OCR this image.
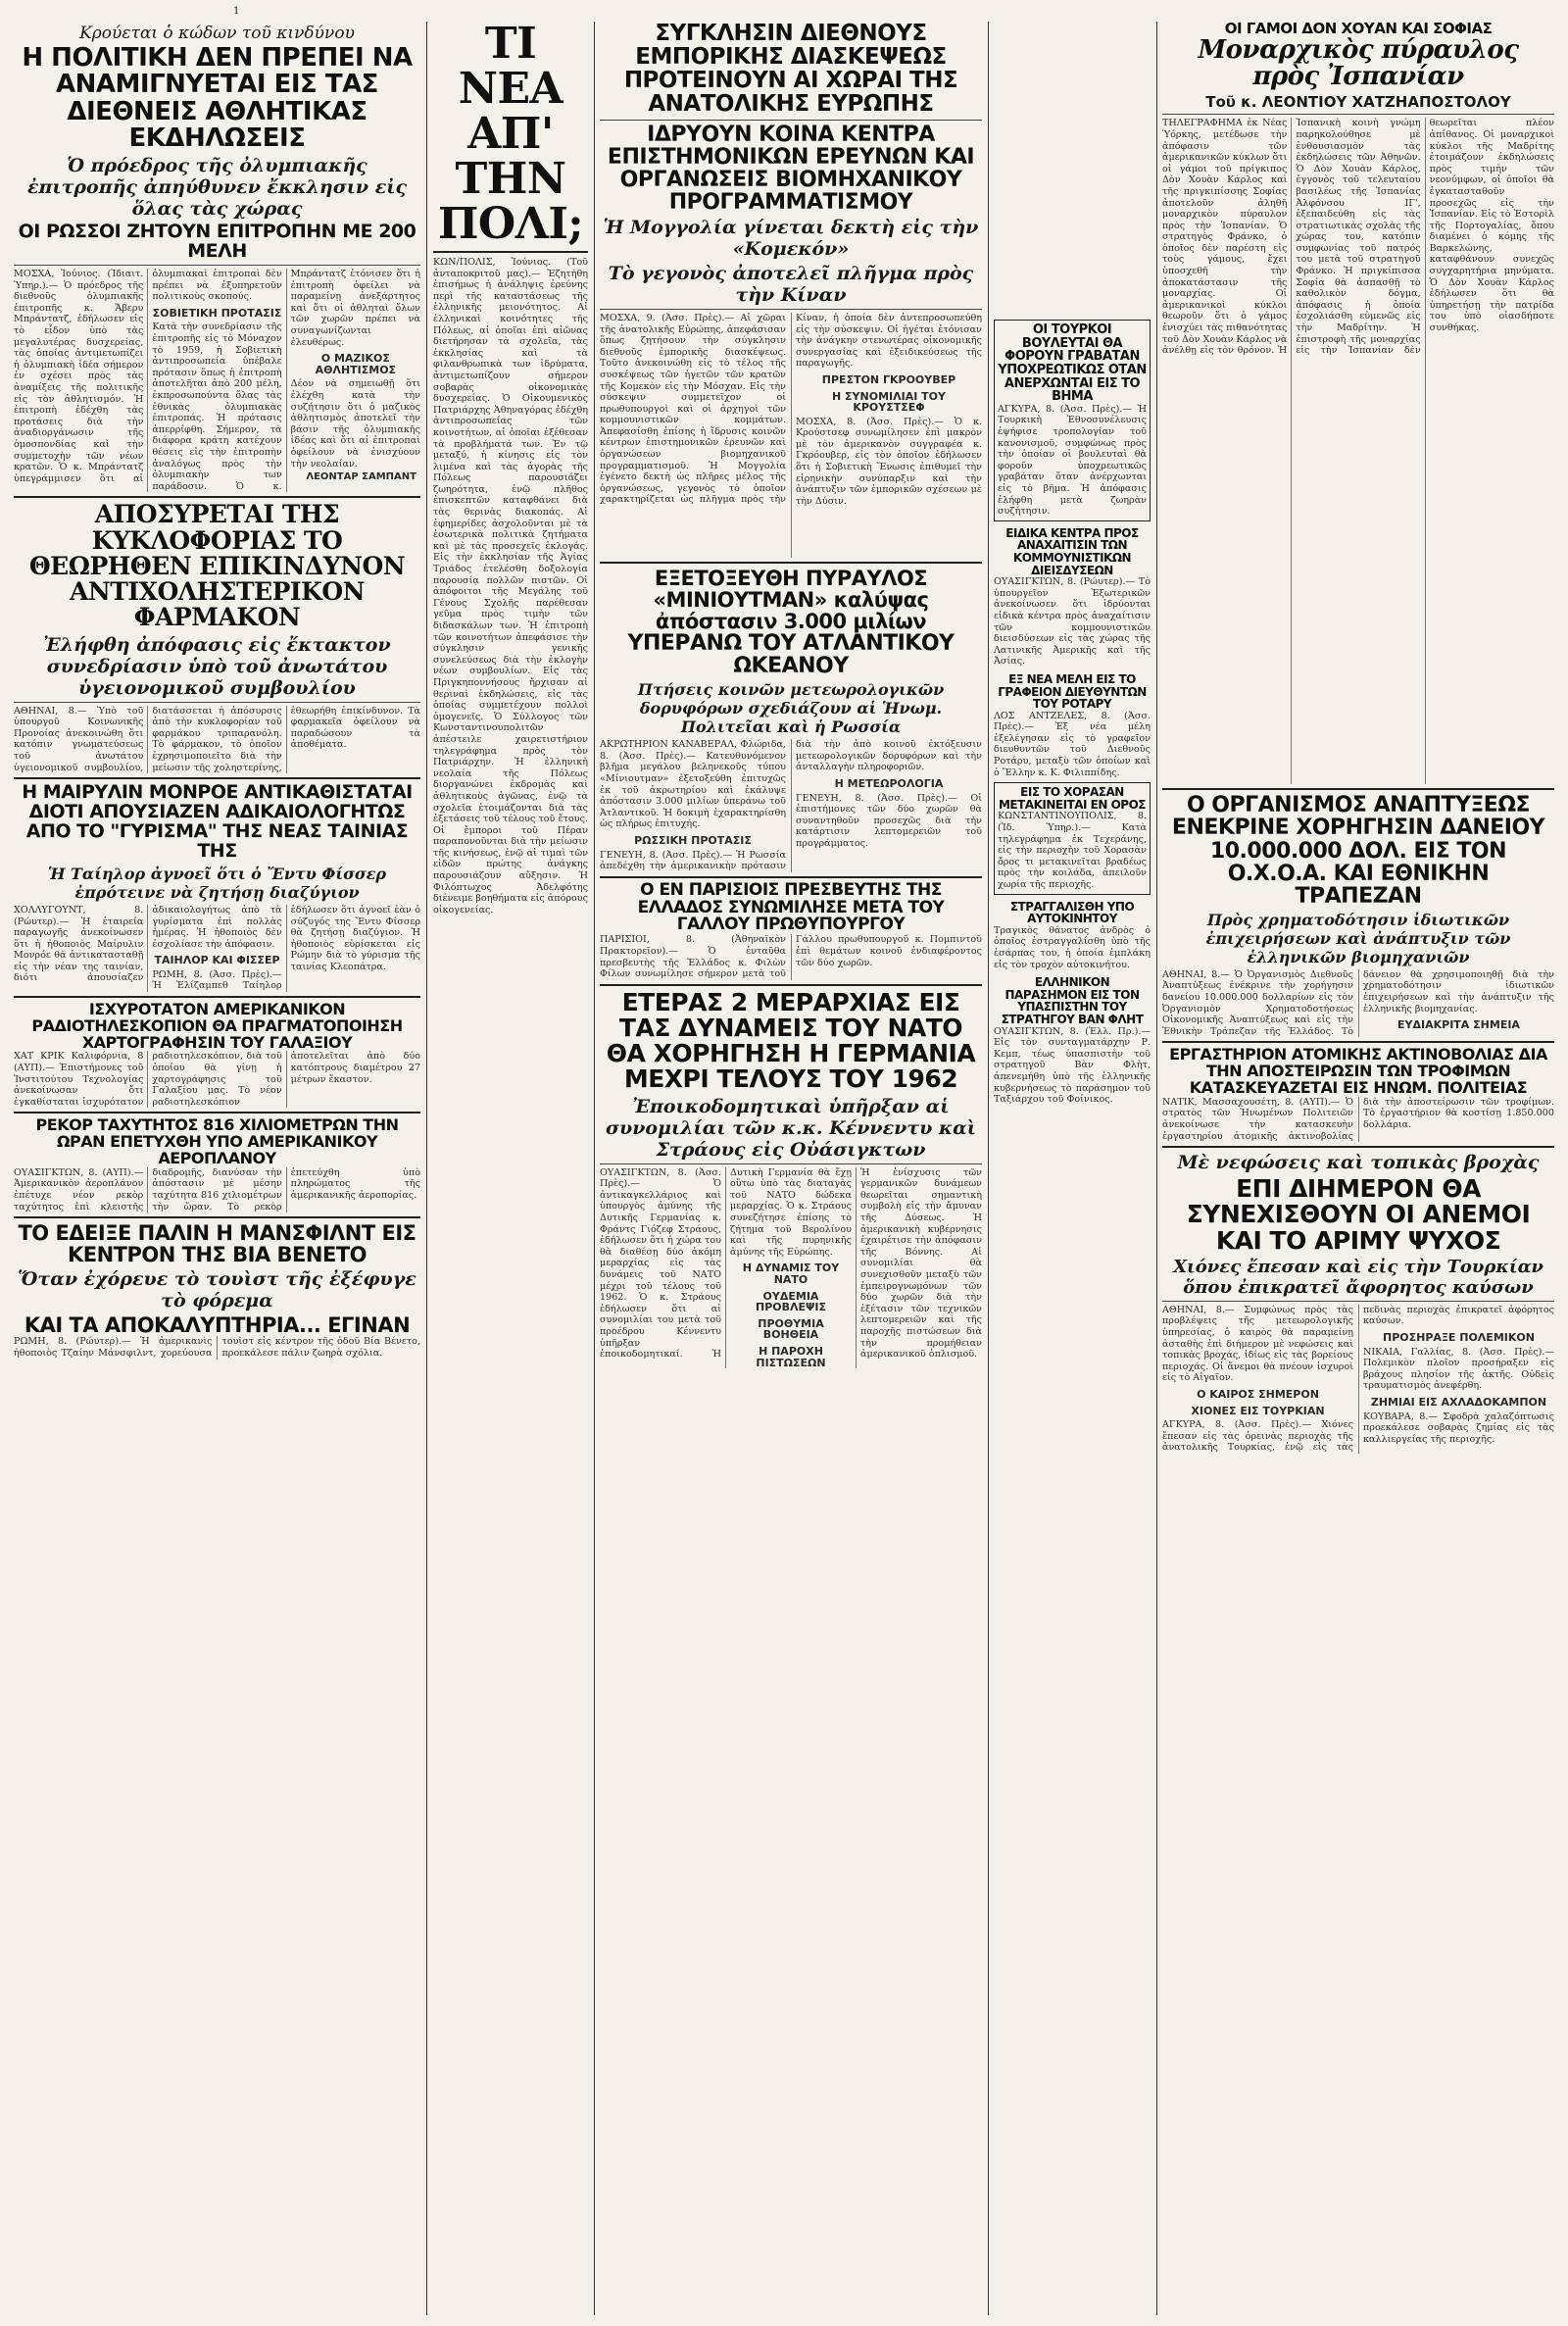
1
Κρούεται ὁ κώδων τοῦ κινδύνου
Η ΠΟΛΙΤΙΚΗ ΔΕΝ ΠΡΕΠΕΙ ΝΑ ΑΝΑΜΙΓΝΥΕΤΑΙ ΕΙΣ ΤΑΣ ΔΙΕΘΝΕΙΣ ΑΘΛΗΤΙΚΑΣ ΕΚΔΗΛΩΣΕΙΣ
Ὁ πρόεδρος τῆς ὀλυμπιακῆς ἐπιτροπῆς ἀπηύθυνεν ἔκκλησιν εἰς ὅλας τὰς χώρας
ΟΙ ΡΩΣΣΟΙ ΖΗΤΟΥΝ ΕΠΙΤΡΟΠΗΝ ΜΕ 200 ΜΕΛΗ
ΜΟΣΧΑ, Ἰούνιος. (Ἰδιαιτ. Ὑπηρ.).— Ὁ πρόεδρος τῆς διεθνοῦς ὀλυμπιακῆς ἐπιτροπῆς κ. Ἄβερυ Μπράντατζ, ἐδήλωσεν εἰς τὸ εἶδον ὑπὸ τὰς μεγαλυτέρας δυσχερείας, τὰς ὁποίας ἀντιμετωπίζει ἡ ὀλυμπιακὴ ἰδέα σήμερον ἐν σχέσει πρὸς τὰς ἀναμίξεις τῆς πολιτικῆς εἰς τὸν ἀθλητισμόν. Ἡ ἐπιτροπὴ ἐδέχθη τὰς προτάσεις διὰ τὴν ἀναδιοργάνωσιν τῆς ὁμοσπονδίας καὶ τὴν συμμετοχὴν τῶν νέων κρατῶν. Ὁ κ. Μπράντατζ ὑπεγράμμισεν ὅτι αἱ ὀλυμπιακαὶ ἐπιτροπαὶ δὲν πρέπει νὰ ἐξυπηρετοῦν πολιτικοὺς σκοπούς.
ΣΟΒΙΕΤΙΚΗ ΠΡΟΤΑΣΙΣ
Κατὰ τὴν συνεδρίασιν τῆς ἐπιτροπῆς εἰς τὸ Μόναχον τὸ 1959, ἡ Σοβιετικὴ ἀντιπροσωπεία ὑπέβαλε πρότασιν ὅπως ἡ ἐπιτροπὴ ἀποτελῆται ἀπὸ 200 μέλη, ἐκπροσωπούντα ὅλας τὰς ἐθνικὰς ὀλυμπιακὰς ἐπιτροπάς. Ἡ πρότασις ἀπερρίφθη. Σήμερον, τὰ διάφορα κράτη κατέχουν θέσεις εἰς τὴν ἐπιτροπὴν ἀναλόγως πρὸς τὴν ὀλυμπιακὴν των παράδοσιν. Ὁ κ. Μπράντατζ ἐτόνισεν ὅτι ἡ ἐπιτροπὴ ὀφείλει νὰ παραμείνῃ ἀνεξάρτητος καὶ ὅτι οἱ ἀθληταὶ ὅλων τῶν χωρῶν πρέπει νὰ συναγωνίζωνται ἐλευθέρως.
Ο ΜΑΖΙΚΟΣ ΑΘΛΗΤΙΣΜΟΣ
Δέον νὰ σημειωθῇ ὅτι ἐλέχθη κατὰ τὴν συζήτησιν ὅτι ὁ μαζικὸς ἀθλητισμὸς ἀποτελεῖ τὴν βάσιν τῆς ὀλυμπιακῆς ἰδέας καὶ ὅτι αἱ ἐπιτροπαὶ ὀφείλουν νὰ ἐνισχύουν τὴν νεολαίαν.
ΛΕΟΝΤΑΡ ΣΑΜΠΑΝΤ
ΑΠΟΣΥΡΕΤΑΙ ΤΗΣ ΚΥΚΛΟΦΟΡΙΑΣ ΤΟ ΘΕΩΡΗΘΕΝ ΕΠΙΚΙΝΔΥΝΟΝ ΑΝΤΙΧΟΛΗΣΤΕΡΙΚΟΝ ΦΑΡΜΑΚΟΝ
Ἐλήφθη ἀπόφασις εἰς ἔκτακτον συνεδρίασιν ὑπὸ τοῦ ἀνωτάτου ὑγειονομικοῦ συμβουλίου
ΑΘΗΝΑΙ, 8.— Ὑπὸ τοῦ ὑπουργοῦ Κοινωνικῆς Προνοίας ἀνεκοινώθη ὅτι κατόπιν γνωματεύσεως τοῦ ἀνωτάτου ὑγειονομικοῦ συμβουλίου, διατάσσεται ἡ ἀπόσυρσις ἀπὸ τὴν κυκλοφορίαν τοῦ φαρμάκου τριπαρανόλη. Τὸ φάρμακον, τὸ ὁποῖον ἐχρησιμοποιεῖτο διὰ τὴν μείωσιν τῆς χοληστερίνης, ἐθεωρήθη ἐπικίνδυνον. Τὰ φαρμακεῖα ὀφείλουν νὰ παραδώσουν τὰ ἀποθέματα.
Η ΜΑΙΡΥΛΙΝ ΜΟΝΡΟΕ ΑΝΤΙΚΑΘΙΣΤΑΤΑΙ ΔΙΟΤΙ ΑΠΟΥΣΙΑΖΕΝ ΑΔΙΚΑΙΟΛΟΓΗΤΩΣ ΑΠΟ ΤΟ "ΓΥΡΙΣΜΑ" ΤΗΣ ΝΕΑΣ ΤΑΙΝΙΑΣ ΤΗΣ
Ἡ Ταίηλορ ἀγνοεῖ ὅτι ὁ Ἔντυ Φίσσερ ἐπρότεινε νὰ ζητήσῃ διαζύγιον
ΧΟΛΛΥΓΟΥΝΤ, 8. (Ρώυτερ).— Ἡ ἑταιρεία παραγωγῆς ἀνεκοίνωσεν ὅτι ἡ ἠθοποιὸς Μαίρυλιν Μονρόε θὰ ἀντικατασταθῇ εἰς τὴν νέαν της ταινίαν, διότι ἀπουσίαζεν ἀδικαιολογήτως ἀπὸ τὰ γυρίσματα ἐπὶ πολλὰς ἡμέρας. Ἡ ἠθοποιὸς δὲν ἐσχολίασε τὴν ἀπόφασιν.
ΤΑΙΗΛΟΡ ΚΑΙ ΦΙΣΣΕΡ
ΡΩΜΗ, 8. (Ἀσσ. Πρὲς).— Ἡ Ἐλίζαμπεθ Ταίηλορ ἐδήλωσεν ὅτι ἀγνοεῖ ἐὰν ὁ σύζυγός της Ἔντυ Φίσσερ θὰ ζητήσῃ διαζύγιον. Ἡ ἠθοποιὸς εὑρίσκεται εἰς Ρώμην διὰ τὸ γύρισμα τῆς ταινίας Κλεοπάτρα.
ΙΣΧΥΡΟΤΑΤΟΝ ΑΜΕΡΙΚΑΝΙΚΟΝ ΡΑΔΙΟΤΗΛΕΣΚΟΠΙΟΝ ΘΑ ΠΡΑΓΜΑΤΟΠΟΙΗΣΗ ΧΑΡΤΟΓΡΑΦΗΣΙΝ ΤΟΥ ΓΑΛΑΞΙΟΥ
ΧΑΤ ΚΡΙΚ Καλιφόρνια, 8 (ΑΥΠ).— Ἐπιστήμονες τοῦ Ἰνστιτούτου Τεχνολογίας ἀνεκοίνωσαν ὅτι ἐγκαθίσταται ἰσχυρότατον ραδιοτηλεσκόπιον, διὰ τοῦ ὁποίου θὰ γίνῃ ἡ χαρτογράφησις τοῦ Γαλαξίου μας. Τὸ νέον ραδιοτηλεσκόπιον ἀποτελεῖται ἀπὸ δύο κατόπτρους διαμέτρου 27 μέτρων ἕκαστον.
ΡΕΚΟΡ ΤΑΧΥΤΗΤΟΣ 816 ΧΙΛΙΟΜΕΤΡΩΝ ΤΗΝ ΩΡΑΝ ΕΠΕΤΥΧΘΗ ΥΠΟ ΑΜΕΡΙΚΑΝΙΚΟΥ ΑΕΡΟΠΛΑΝΟΥ
ΟΥΑΣΙΓΚΤΩΝ, 8. (ΑΥΠ).— Ἀμερικανικὸν ἀεροπλάνον ἐπέτυχε νέον ρεκὸρ ταχύτητος ἐπὶ κλειστῆς διαδρομῆς, διανύσαν τὴν ἀπόστασιν μὲ μέσην ταχύτητα 816 χιλιομέτρων τὴν ὥραν. Τὸ ρεκὸρ ἐπετεύχθη ὑπὸ πληρώματος τῆς ἀμερικανικῆς ἀεροπορίας.
ΤΟ ΕΔΕΙΞΕ ΠΑΛΙΝ Η ΜΑΝΣΦΙΛΝΤ ΕΙΣ ΚΕΝΤΡΟΝ ΤΗΣ ΒΙΑ ΒΕΝΕΤΟ
Ὅταν ἐχόρευε τὸ τουὶστ τῆς ἐξέφυγε τὸ φόρεμα
ΚΑΙ ΤΑ ΑΠΟΚΑΛΥΠΤΗΡΙΑ... ΕΓΙΝΑΝ
ΡΩΜΗ, 8. (Ρώυτερ).— Ἡ ἀμερικανὶς ἠθοποιὸς Τζαίην Μάνσφιλντ, χορεύουσα τουὶστ εἰς κέντρον τῆς ὁδοῦ Βία Βένετο, προεκάλεσε πάλιν ζωηρὰ σχόλια.
ΤΙ ΝΕΑ ΑΠ' ΤΗΝ ΠΟΛΙ;
ΚΩΝ/ΠΟΛΙΣ, Ἰούνιος. (Τοῦ ἀνταποκριτοῦ μας).— Ἐζητήθη ἐπισήμως ἡ ἀνάληψις ἐρεύνης περὶ τῆς καταστάσεως τῆς ἑλληνικῆς μειονότητος. Αἱ ἑλληνικαὶ κοινότητες τῆς Πόλεως, αἱ ὁποῖαι ἐπὶ αἰῶνας διετήρησαν τὰ σχολεῖα, τὰς ἐκκλησίας καὶ τὰ φιλανθρωπικὰ των ἱδρύματα, ἀντιμετωπίζουν σήμερον σοβαρὰς οἰκονομικὰς δυσχερείας. Ὁ Οἰκουμενικὸς Πατριάρχης Ἀθηναγόρας ἐδέχθη ἀντιπροσωπείας τῶν κοινοτήτων, αἱ ὁποῖαι ἐξέθεσαν τὰ προβλήματά των. Ἐν τῷ μεταξύ, ἡ κίνησις εἰς τὸν λιμένα καὶ τὰς ἀγορὰς τῆς Πόλεως παρουσιάζει ζωηρότητα, ἐνῷ πλῆθος ἐπισκεπτῶν καταφθάνει διὰ τὰς θερινὰς διακοπάς. Αἱ ἐφημερίδες ἀσχολοῦνται μὲ τὰ ἐσωτερικὰ πολιτικὰ ζητήματα καὶ μὲ τὰς προσεχεῖς ἐκλογάς. Εἰς τὴν ἐκκλησίαν τῆς Ἁγίας Τριάδος ἐτελέσθη δοξολογία παρουσίᾳ πολλῶν πιστῶν. Οἱ ἀπόφοιτοι τῆς Μεγάλης τοῦ Γένους Σχολῆς παρέθεσαν γεῦμα πρὸς τιμὴν τῶν διδασκάλων των. Ἡ ἐπιτροπὴ τῶν κοινοτήτων ἀπεφάσισε τὴν σύγκλησιν γενικῆς συνελεύσεως διὰ τὴν ἐκλογὴν νέων συμβουλίων. Εἰς τὰς Πριγκηποννήσους ἤρχισαν αἱ θεριναὶ ἐκδηλώσεις, εἰς τὰς ὁποίας συμμετέχουν πολλοὶ ὁμογενεῖς. Ὁ Σύλλογος τῶν Κωνσταντινουπολιτῶν ἀπέστειλε χαιρετιστήριον τηλεγράφημα πρὸς τὸν Πατριάρχην. Ἡ ἑλληνικὴ νεολαία τῆς Πόλεως διοργανώνει ἐκδρομὰς καὶ ἀθλητικοὺς ἀγῶνας, ἐνῷ τὰ σχολεῖα ἑτοιμάζονται διὰ τὰς ἐξετάσεις τοῦ τέλους τοῦ ἔτους. Οἱ ἔμποροι τοῦ Πέραν παραπονοῦνται διὰ τὴν μείωσιν τῆς κινήσεως, ἐνῷ αἱ τιμαὶ τῶν εἰδῶν πρώτης ἀνάγκης παρουσιάζουν αὔξησιν. Ἡ Φιλόπτωχος Ἀδελφότης διένειμε βοηθήματα εἰς ἀπόρους οἰκογενείας.
ΣΥΓΚΛΗΣΙΝ ΔΙΕΘΝΟΥΣ ΕΜΠΟΡΙΚΗΣ ΔΙΑΣΚΕΨΕΩΣ ΠΡΟΤΕΙΝΟΥΝ ΑΙ ΧΩΡΑΙ ΤΗΣ ΑΝΑΤΟΛΙΚΗΣ ΕΥΡΩΠΗΣ
ΙΔΡΥΟΥΝ ΚΟΙΝΑ ΚΕΝΤΡΑ ΕΠΙΣΤΗΜΟΝΙΚΩΝ ΕΡΕΥΝΩΝ ΚΑΙ ΟΡΓΑΝΩΣΕΙΣ ΒΙΟΜΗΧΑΝΙΚΟΥ ΠΡΟΓΡΑΜΜΑΤΙΣΜΟΥ
Ἡ Μογγολία γίνεται δεκτὴ εἰς τὴν «Κομεκόν»
Τὸ γεγονὸς ἀποτελεῖ πλῆγμα πρὸς τὴν Κίναν
ΜΟΣΧΑ, 9. (Ἀσσ. Πρὲς).— Αἱ χῶραι τῆς ἀνατολικῆς Εὐρώπης, ἀπεφάσισαν ὅπως ζητήσουν τὴν σύγκλησιν διεθνοῦς ἐμπορικῆς διασκέψεως. Τοῦτο ἀνεκοινώθη εἰς τὸ τέλος τῆς συσκέψεως τῶν ἡγετῶν τῶν κρατῶν τῆς Κομεκὸν εἰς τὴν Μόσχαν. Εἰς τὴν σύσκεψιν συμμετεῖχον οἱ πρωθυπουργοὶ καὶ οἱ ἀρχηγοὶ τῶν κομμουνιστικῶν κομμάτων. Ἀπεφασίσθη ἐπίσης ἡ ἵδρυσις κοινῶν κέντρων ἐπιστημονικῶν ἐρευνῶν καὶ ὀργανώσεων βιομηχανικοῦ προγραμματισμοῦ. Ἡ Μογγολία ἐγένετο δεκτὴ ὡς πλῆρες μέλος τῆς ὀργανώσεως, γεγονὸς τὸ ὁποῖον χαρακτηρίζεται ὡς πλῆγμα πρὸς τὴν Κίναν, ἡ ὁποία δὲν ἀντεπροσωπεύθη εἰς τὴν σύσκεψιν. Οἱ ἡγέται ἐτόνισαν τὴν ἀνάγκην στενωτέρας οἰκονομικῆς συνεργασίας καὶ ἐξειδικεύσεως τῆς παραγωγῆς.
ΠΡΕΣΤΟΝ ΓΚΡΟΟΥΒΕΡ
Η ΣΥΝΟΜΙΛΙΑΙ ΤΟΥ ΚΡΟΥΣΤΣΕΦ
ΜΟΣΧΑ, 8. (Ἀσσ. Πρὲς).— Ὁ κ. Κρούστσεφ συνωμίλησεν ἐπὶ μακρὸν μὲ τὸν ἀμερικανὸν συγγραφέα κ. Γκρόουβερ, εἰς τὸν ὁποῖον ἐδήλωσεν ὅτι ἡ Σοβιετικὴ Ἕνωσις ἐπιθυμεῖ τὴν εἰρηνικὴν συνύπαρξιν καὶ τὴν ἀνάπτυξιν τῶν ἐμπορικῶν σχέσεων μὲ τὴν Δύσιν.
ΕΞΕΤΟΞΕΥΘΗ ΠΥΡΑΥΛΟΣ «ΜΙΝΙΟΥΤΜΑΝ» καλύψας ἀπόστασιν 3.000 μιλίων
ΥΠΕΡΑΝΩ ΤΟΥ ΑΤΛΑΝΤΙΚΟΥ ΩΚΕΑΝΟΥ
Πτήσεις κοινῶν μετεωρολογικῶν δορυφόρων σχεδιάζουν αἱ Ἡνωμ. Πολιτεῖαι καὶ ἡ Ρωσσία
ΑΚΡΩΤΗΡΙΟΝ ΚΑΝΑΒΕΡΑΛ, Φλώριδα, 8. (Ἀσσ. Πρὲς).— Κατευθυνόμενον βλῆμα μεγάλου βεληνεκοῦς τύπου «Μίνιουτμαν» ἐξετοξεύθη ἐπιτυχῶς ἐκ τοῦ ἀκρωτηρίου καὶ ἐκάλυψε ἀπόστασιν 3.000 μιλίων ὑπεράνω τοῦ Ἀτλαντικοῦ. Ἡ δοκιμὴ ἐχαρακτηρίσθη ὡς πλήρως ἐπιτυχής.
ΡΩΣΣΙΚΗ ΠΡΟΤΑΣΙΣ
ΓΕΝΕΥΗ, 8. (Ἀσσ. Πρὲς).— Ἡ Ρωσσία ἀπεδέχθη τὴν ἀμερικανικὴν πρότασιν διὰ τὴν ἀπὸ κοινοῦ ἐκτόξευσιν μετεωρολογικῶν δορυφόρων καὶ τὴν ἀνταλλαγὴν πληροφοριῶν.
Η ΜΕΤΕΩΡΟΛΟΓΙΑ
ΓΕΝΕΥΗ, 8. (Ἀσσ. Πρὲς).— Οἱ ἐπιστήμονες τῶν δύο χωρῶν θὰ συναντηθοῦν προσεχῶς διὰ τὴν κατάρτισιν λεπτομερειῶν τοῦ προγράμματος.
Ο ΕΝ ΠΑΡΙΣΙΟΙΣ ΠΡΕΣΒΕΥΤΗΣ ΤΗΣ ΕΛΛΑΔΟΣ ΣΥΝΩΜΙΛΗΣΕ ΜΕΤΑ ΤΟΥ ΓΑΛΛΟΥ ΠΡΩΘΥΠΟΥΡΓΟΥ
ΠΑΡΙΣΙΟΙ, 8. (Ἀθηναϊκὸν Πρακτορεῖον).— Ὁ ἐνταῦθα πρεσβευτὴς τῆς Ἑλλάδος κ. Φιλὼν Φίλων συνωμίλησε σήμερον μετὰ τοῦ Γάλλου πρωθυπουργοῦ κ. Πομπιντοῦ ἐπὶ θεμάτων κοινοῦ ἐνδιαφέροντος τῶν δύο χωρῶν.
ΕΤΕΡΑΣ 2 ΜΕΡΑΡΧΙΑΣ ΕΙΣ ΤΑΣ ΔΥΝΑΜΕΙΣ ΤΟΥ ΝΑΤΟ ΘΑ ΧΟΡΗΓΗΣΗ Η ΓΕΡΜΑΝΙΑ ΜΕΧΡΙ ΤΕΛΟΥΣ ΤΟΥ 1962
Ἐποικοδομητικαὶ ὑπῆρξαν αἱ συνομιλίαι τῶν κ.κ. Κέννεντυ καὶ Στράους εἰς Οὐάσιγκτων
ΟΥΑΣΙΓΚΤΩΝ, 8. (Ἀσσ. Πρὲς).— Ὁ ἀντικαγκελλάριος καὶ ὑπουργὸς ἀμύνης τῆς Δυτικῆς Γερμανίας κ. Φράντς Γιόζεφ Στράους, ἐδήλωσεν ὅτι ἡ χώρα του θὰ διαθέσῃ δύο ἀκόμη μεραρχίας εἰς τὰς δυνάμεις τοῦ ΝΑΤΟ μέχρι τοῦ τέλους τοῦ 1962. Ὁ κ. Στράους ἐδήλωσεν ὅτι αἱ συνομιλίαι του μετὰ τοῦ προέδρου Κέννεντυ ὑπῆρξαν ἐποικοδομητικαί. Ἡ Δυτικὴ Γερμανία θὰ ἔχῃ οὕτω ὑπὸ τὰς διαταγὰς τοῦ ΝΑΤΟ δώδεκα μεραρχίας. Ὁ κ. Στράους συνεζήτησε ἐπίσης τὸ ζήτημα τοῦ Βερολίνου καὶ τῆς πυρηνικῆς ἀμύνης τῆς Εὐρώπης.
Η ΔΥΝΑΜΙΣ ΤΟΥ ΝΑΤΟ
ΟΥΔΕΜΙΑ ΠΡΟΒΛΕΨΙΣ
ΠΡΟΘΥΜΙΑ ΒΟΗΘΕΙΑ
Η ΠΑΡΟΧΗ ΠΙΣΤΩΣΕΩΝ
Ἡ ἑνίσχυσις τῶν γερμανικῶν δυνάμεων θεωρεῖται σημαντικὴ συμβολὴ εἰς τὴν ἄμυναν τῆς Δύσεως. Ἡ ἀμερικανικὴ κυβέρνησις ἐχαιρέτισε τὴν ἀπόφασιν τῆς Βόννης. Αἱ συνομιλίαι θὰ συνεχισθοῦν μεταξὺ τῶν ἐμπειρογνωμόνων τῶν δύο χωρῶν διὰ τὴν ἐξέτασιν τῶν τεχνικῶν λεπτομερειῶν καὶ τῆς παροχῆς πιστώσεων διὰ τὴν προμήθειαν ἀμερικανικοῦ ὁπλισμοῦ.
ΟΙ ΤΟΥΡΚΟΙ ΒΟΥΛΕΥΤΑΙ ΘΑ ΦΟΡΟΥΝ ΓΡΑΒΑΤΑΝ ΥΠΟΧΡΕΩΤΙΚΩΣ ΟΤΑΝ ΑΝΕΡΧΩΝΤΑΙ ΕΙΣ ΤΟ ΒΗΜΑ
ΑΓΚΥΡΑ, 8. (Ἀσσ. Πρὲς).— Ἡ Τουρκικὴ Ἐθνοσυνέλευσις ἐψήφισε τροπολογίαν τοῦ κανονισμοῦ, συμφώνως πρὸς τὴν ὁποίαν οἱ βουλευταὶ θὰ φοροῦν ὑποχρεωτικῶς γραβάταν ὅταν ἀνέρχωνται εἰς τὸ βῆμα. Ἡ ἀπόφασις ἐλήφθη μετὰ ζωηρὰν συζήτησιν.
ΕΙΔΙΚΑ ΚΕΝΤΡΑ ΠΡΟΣ ΑΝΑΧΑΙΤΙΣΙΝ ΤΩΝ ΚΟΜΜΟΥΝΙΣΤΙΚΩΝ ΔΙΕΙΣΔΥΣΕΩΝ
ΟΥΑΣΙΓΚΤΩΝ, 8. (Ρώυτερ).— Τὸ ὑπουργεῖον Ἐξωτερικῶν ἀνεκοίνωσεν ὅτι ἱδρύονται εἰδικὰ κέντρα πρὸς ἀναχαίτισιν τῶν κομμουνιστικῶν διεισδύσεων εἰς τὰς χώρας τῆς Λατινικῆς Ἀμερικῆς καὶ τῆς Ἀσίας.
ΕΞ ΝΕΑ ΜΕΛΗ ΕΙΣ ΤΟ ΓΡΑΦΕΙΟΝ ΔΙΕΥΘΥΝΤΩΝ ΤΟΥ ΡΟΤΑΡΥ
ΛΟΣ ΑΝΤΖΕΛΕΣ, 8. (Ἀσσ. Πρὲς).— Ἐξ νέα μέλη ἐξελέγησαν εἰς τὸ γραφεῖον διευθυντῶν τοῦ Διεθνοῦς Ροτάρυ, μεταξὺ τῶν ὁποίων καὶ ὁ Ἕλλην κ. Κ. Φιλιππίδης.
ΕΙΣ ΤΟ ΧΟΡΑΣΑΝ ΜΕΤΑΚΙΝΕΙΤΑΙ ΕΝ ΟΡΟΣ
ΚΩΝΣΤΑΝΤΙΝΟΥΠΟΛΙΣ, 8. (Ἰδ. Ὑπηρ.).— Κατὰ τηλεγράφημα ἐκ Τεχεράνης, εἰς τὴν περιοχὴν τοῦ Χορασὰν ὄρος τι μετακινεῖται βραδέως πρὸς τὴν κοιλάδα, ἀπειλοῦν χωρία τῆς περιοχῆς.
ΣΤΡΑΓΓΑΛΙΣΘΗ ΥΠΟ ΑΥΤΟΚΙΝΗΤΟΥ
Τραγικὸς θάνατος ἀνδρὸς ὁ ὁποῖος ἐστραγγαλίσθη ὑπὸ τῆς ἐσάρπας του, ἡ ὁποία ἐμπλάκη εἰς τὸν τροχὸν αὐτοκινήτου.
ΕΛΛΗΝΙΚΟΝ ΠΑΡΑΣΗΜΟΝ ΕΙΣ ΤΟΝ ΥΠΑΣΠΙΣΤΗΝ ΤΟΥ ΣΤΡΑΤΗΓΟΥ ΒΑΝ ΦΛΗΤ
ΟΥΑΣΙΓΚΤΩΝ, 8. (Ἐλλ. Πρ.).— Εἰς τὸν συνταγματάρχην Ρ. Κεμπ, τέως ὑπασπιστὴν τοῦ στρατηγοῦ Βὰν Φλὴτ, ἀπενεμήθη ὑπὸ τῆς ἑλληνικῆς κυβερνήσεως τὸ παράσημον τοῦ Ταξιάρχου τοῦ Φοίνικος.
ΟΙ ΓΑΜΟΙ ΔΟΝ ΧΟΥΑΝ ΚΑΙ ΣΟΦΙΑΣ
Μοναρχικὸς πύραυλος πρὸς Ἰσπανίαν
Τοῦ κ. ΛΕΟΝΤΙΟΥ ΧΑΤΖΗΑΠΟΣΤΟΛΟΥ
ΤΗΛΕΓΡΑΦΗΜΑ ἐκ Νέας Ὑόρκης, μετέδωσε τὴν ἀπόφασιν τῶν ἀμερικανικῶν κύκλων ὅτι οἱ γάμοι τοῦ πρίγκιπος Δὸν Χουὰν Κάρλος καὶ τῆς πριγκιπίσσης Σοφίας ἀποτελοῦν ἀληθῆ μοναρχικὸν πύραυλον πρὸς τὴν Ἰσπανίαν. Ὁ στρατηγὸς Φράνκο, ὁ ὁποῖος δὲν παρέστη εἰς τοὺς γάμους, ἔχει ὑποσχεθῆ τὴν ἀποκατάστασιν τῆς μοναρχίας. Οἱ ἀμερικανικοὶ κύκλοι θεωροῦν ὅτι ὁ γάμος ἐνισχύει τὰς πιθανότητας τοῦ Δὸν Χουὰν Κάρλος νὰ ἀνέλθῃ εἰς τὸν θρόνον. Ἡ Ἰσπανικὴ κοινὴ γνώμη παρηκολούθησε μὲ ἐνθουσιασμὸν τὰς ἐκδηλώσεις τῶν Ἀθηνῶν. Ὁ Δὸν Χουὰν Κάρλος, ἐγγονὸς τοῦ τελευταίου βασιλέως τῆς Ἰσπανίας Ἀλφόνσου ΙΓ', ἐξεπαιδεύθη εἰς τὰς στρατιωτικὰς σχολὰς τῆς χώρας του, κατόπιν συμφωνίας τοῦ πατρός του μετὰ τοῦ στρατηγοῦ Φράνκο. Ἡ πριγκίπισσα Σοφία θὰ ἀσπασθῇ τὸ καθολικὸν δόγμα, ἀπόφασις ἡ ὁποία ἐσχολιάσθη εὐμενῶς εἰς τὴν Μαδρίτην. Ἡ ἐπιστροφὴ τῆς μοναρχίας εἰς τὴν Ἰσπανίαν δὲν θεωρεῖται πλέον ἀπίθανος. Οἱ μοναρχικοὶ κύκλοι τῆς Μαδρίτης ἑτοιμάζουν ἐκδηλώσεις πρὸς τιμὴν τῶν νεονύμφων, οἱ ὁποῖοι θὰ ἐγκατασταθοῦν προσεχῶς εἰς τὴν Ἰσπανίαν. Εἰς τὸ Ἐστορὶλ τῆς Πορτογαλίας, ὅπου διαμένει ὁ κόμης τῆς Βαρκελώνης, καταφθάνουν συνεχῶς συγχαρητήρια μηνύματα. Ὁ Δὸν Χουὰν Κάρλος ἐδήλωσεν ὅτι θὰ ὑπηρετήσῃ τὴν πατρίδα του ὑπὸ οἱασδήποτε συνθήκας.
Ο ΟΡΓΑΝΙΣΜΟΣ ΑΝΑΠΤΥΞΕΩΣ ΕΝΕΚΡΙΝΕ ΧΟΡΗΓΗΣΙΝ ΔΑΝΕΙΟΥ 10.000.000 ΔΟΛ. ΕΙΣ ΤΟΝ Ο.Χ.Ο.Α. ΚΑΙ ΕΘΝΙΚΗΝ ΤΡΑΠΕΖΑΝ
Πρὸς χρηματοδότησιν ἰδιωτικῶν ἐπιχειρήσεων καὶ ἀνάπτυξιν τῶν ἑλληνικῶν βιομηχανιῶν
ΑΘΗΝΑΙ, 8.— Ὁ Ὀργανισμὸς Διεθνοῦς Ἀναπτύξεως ἐνέκρινε τὴν χορήγησιν δανείου 10.000.000 δολλαρίων εἰς τὸν Ὀργανισμὸν Χρηματοδοτήσεως Οἰκονομικῆς Ἀναπτύξεως καὶ εἰς τὴν Ἐθνικὴν Τράπεζαν τῆς Ἑλλάδος. Τὸ δάνειον θὰ χρησιμοποιηθῇ διὰ τὴν χρηματοδότησιν ἰδιωτικῶν ἐπιχειρήσεων καὶ τὴν ἀνάπτυξιν τῆς ἑλληνικῆς βιομηχανίας.
ΕΥΔΙΑΚΡΙΤΑ ΣΗΜΕΙΑ
ΕΡΓΑΣΤΗΡΙΟΝ ΑΤΟΜΙΚΗΣ ΑΚΤΙΝΟΒΟΛΙΑΣ ΔΙΑ ΤΗΝ ΑΠΟΣΤΕΙΡΩΣΙΝ ΤΩΝ ΤΡΟΦΙΜΩΝ ΚΑΤΑΣΚΕΥΑΖΕΤΑΙ ΕΙΣ ΗΝΩΜ. ΠΟΛΙΤΕΙΑΣ
ΝΑΤΙΚ, Μασσαχουσέτη, 8. (ΑΥΠ).— Ὁ στρατὸς τῶν Ἡνωμένων Πολιτειῶν ἀνεκοίνωσε τὴν κατασκευὴν ἐργαστηρίου ἀτομικῆς ἀκτινοβολίας διὰ τὴν ἀποστείρωσιν τῶν τροφίμων. Τὸ ἐργαστήριον θὰ κοστίσῃ 1.850.000 δολλάρια.
Μὲ νεφώσεις καὶ τοπικὰς βροχὰς
ΕΠΙ ΔΙΗΜΕΡΟΝ ΘΑ ΣΥΝΕΧΙΣΘΟΥΝ ΟΙ ΑΝΕΜΟΙ ΚΑΙ ΤΟ ΑΡΙΜΥ ΨΥΧΟΣ
Χιόνες ἔπεσαν καὶ εἰς τὴν Τουρκίαν ὅπου ἐπικρατεῖ ἄφορητος καύσων
ΑΘΗΝΑΙ, 8.— Συμφώνως πρὸς τὰς προβλέψεις τῆς μετεωρολογικῆς ὑπηρεσίας, ὁ καιρὸς θὰ παραμείνῃ ἀσταθὴς ἐπὶ διήμερον μὲ νεφώσεις καὶ τοπικὰς βροχάς, ἰδίως εἰς τὰς βορείους περιοχάς. Οἱ ἄνεμοι θὰ πνέουν ἰσχυροὶ εἰς τὸ Αἰγαῖον.
Ο ΚΑΙΡΟΣ ΣΗΜΕΡΟΝ
ΧΙΟΝΕΣ ΕΙΣ ΤΟΥΡΚΙΑΝ
ΑΓΚΥΡΑ, 8. (Ἀσσ. Πρὲς).— Χιόνες ἔπεσαν εἰς τὰς ὀρεινὰς περιοχὰς τῆς ἀνατολικῆς Τουρκίας, ἐνῷ εἰς τὰς πεδινὰς περιοχὰς ἐπικρατεῖ ἀφόρητος καύσων.
ΠΡΟΣΗΡΑΞΕ ΠΟΛΕΜΙΚΟΝ
ΝΙΚΑΙΑ, Γαλλίας, 8. (Ἀσσ. Πρὲς).— Πολεμικὸν πλοῖον προσήραξεν εἰς βράχους πλησίον τῆς ἀκτῆς. Οὐδεὶς τραυματισμὸς ἀνεφέρθη.
ΖΗΜΙΑΙ ΕΙΣ ΑΧΛΑΔΟΚΑΜΠΟΝ
ΚΟΥΒΑΡΑ, 8.— Σφοδρὰ χαλαζόπτωσις προεκάλεσε σοβαρὰς ζημίας εἰς τὰς καλλιεργείας τῆς περιοχῆς.
